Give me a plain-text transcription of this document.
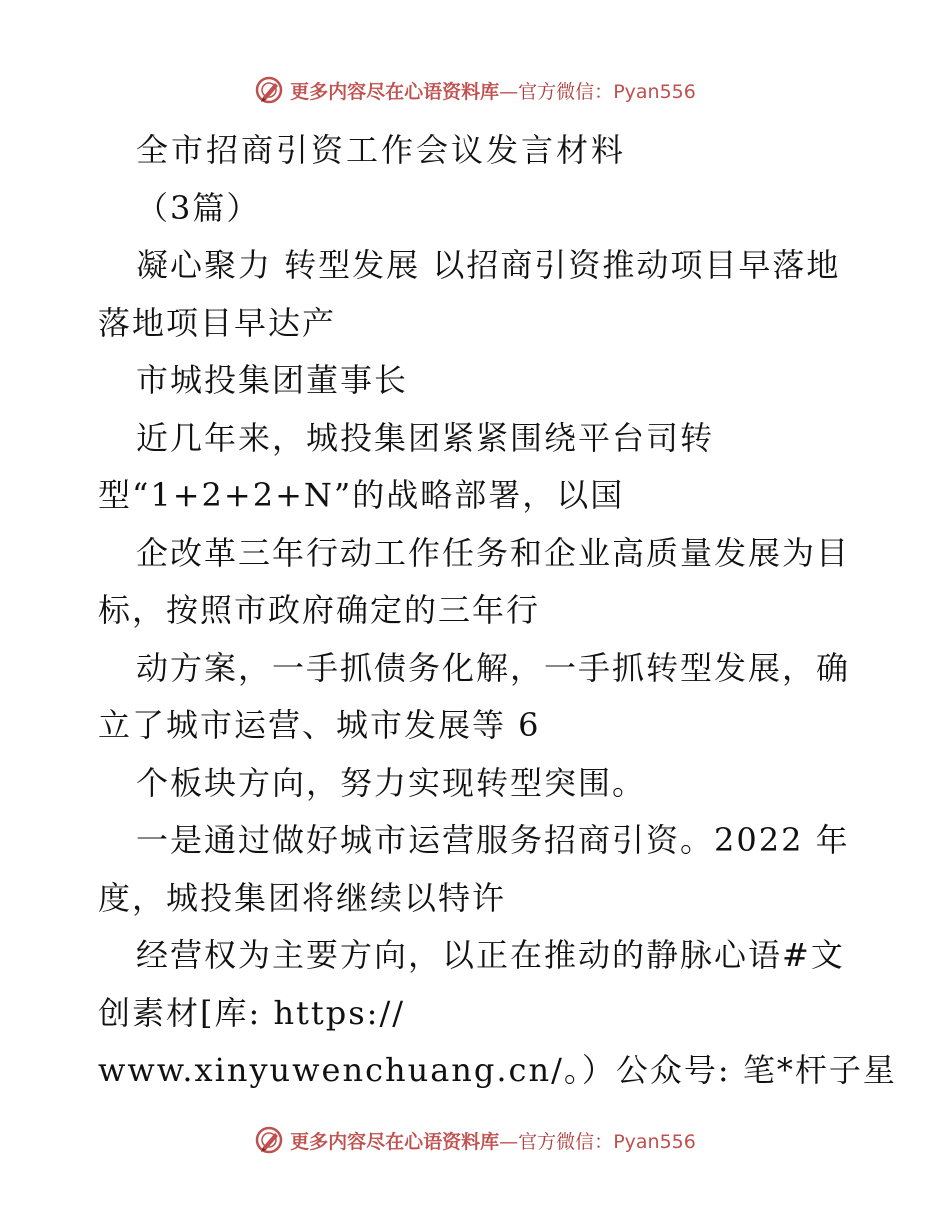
更多内容尽在心语资料库—官方微信：Pyan556
全市招商引资工作会议发言材料
（3篇）
凝心聚力 转型发展 以招商引资推动项目早落地
落地项目早达产
市城投集团董事长
近几年来，城投集团紧紧围绕平台司转
型“1+2+2+N”的战略部署，以国
企改革三年行动工作任务和企业高质量发展为目
标，按照市政府确定的三年行
动方案，一手抓债务化解，一手抓转型发展，确
立了城市运营、城市发展等 6
个板块方向，努力实现转型突围。
一是通过做好城市运营服务招商引资。2022 年
度，城投集团将继续以特许
经营权为主要方向，以正在推动的静脉心语#文
创素材[库: https://
www.xinyuwenchuang.cn/。）公众号: 笔*杆子星
更多内容尽在心语资料库—官方微信：Pyan556
